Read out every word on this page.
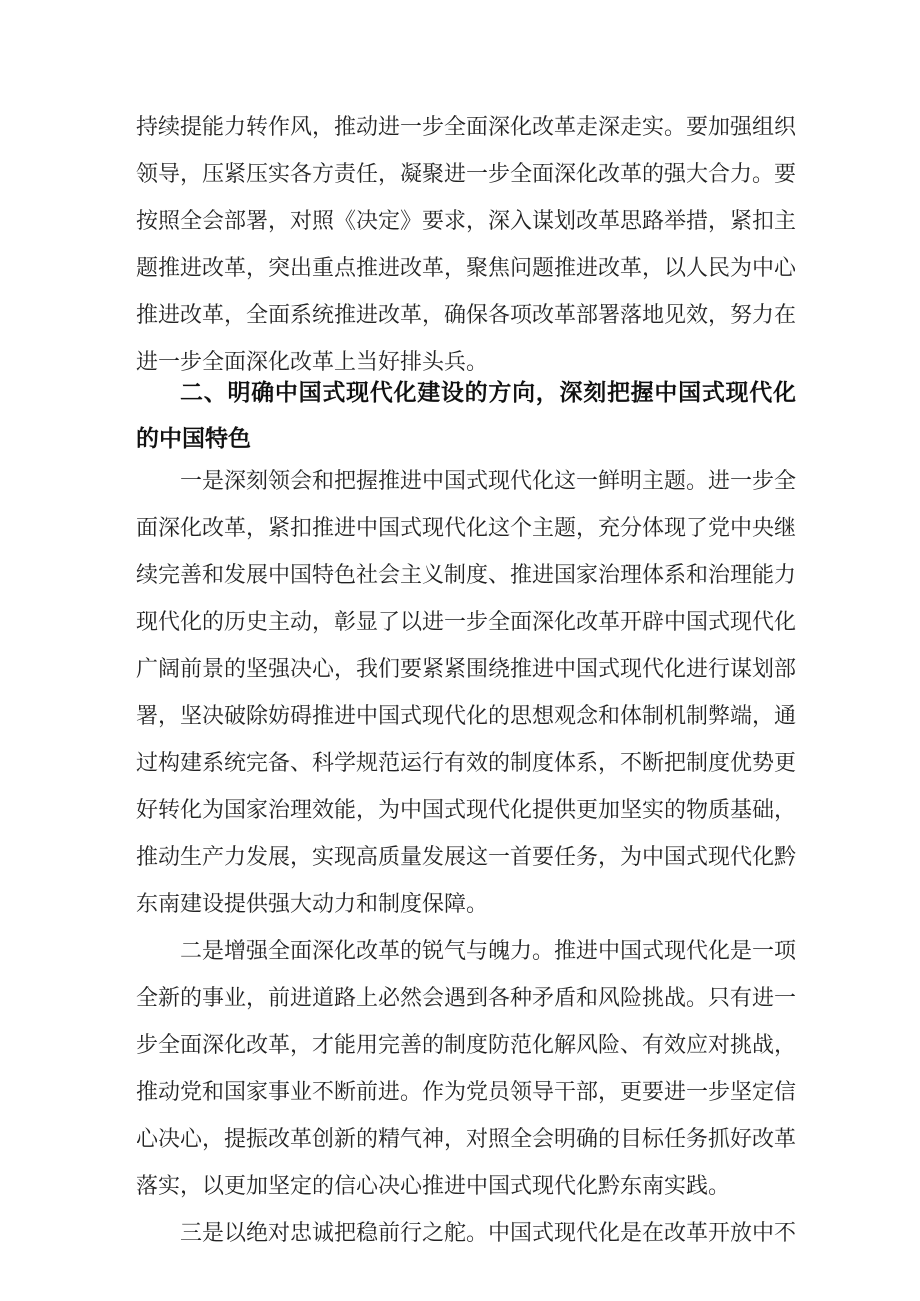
持续提能力转作风，推动进一步全面深化改革走深走实。要加强组织
领导，压紧压实各方责任，凝聚进一步全面深化改革的强大合力。要
按照全会部署，对照《决定》要求，深入谋划改革思路举措，紧扣主
题推进改革，突出重点推进改革，聚焦问题推进改革，以人民为中心
推进改革，全面系统推进改革，确保各项改革部署落地见效，努力在
进一步全面深化改革上当好排头兵。
二、明确中国式现代化建设的方向，深刻把握中国式现代化
的中国特色
一是深刻领会和把握推进中国式现代化这一鲜明主题。进一步全
面深化改革，紧扣推进中国式现代化这个主题，充分体现了党中央继
续完善和发展中国特色社会主义制度、推进国家治理体系和治理能力
现代化的历史主动，彰显了以进一步全面深化改革开辟中国式现代化
广阔前景的坚强决心，我们要紧紧围绕推进中国式现代化进行谋划部
署，坚决破除妨碍推进中国式现代化的思想观念和体制机制弊端，通
过构建系统完备、科学规范运行有效的制度体系，不断把制度优势更
好转化为国家治理效能，为中国式现代化提供更加坚实的物质基础，
推动生产力发展，实现高质量发展这一首要任务，为中国式现代化黔
东南建设提供强大动力和制度保障。
二是增强全面深化改革的锐气与魄力。推进中国式现代化是一项
全新的事业，前进道路上必然会遇到各种矛盾和风险挑战。只有进一
步全面深化改革，才能用完善的制度防范化解风险、有效应对挑战，
推动党和国家事业不断前进。作为党员领导干部，更要进一步坚定信
心决心，提振改革创新的精气神，对照全会明确的目标任务抓好改革
落实，以更加坚定的信心决心推进中国式现代化黔东南实践。
三是以绝对忠诚把稳前行之舵。中国式现代化是在改革开放中不
